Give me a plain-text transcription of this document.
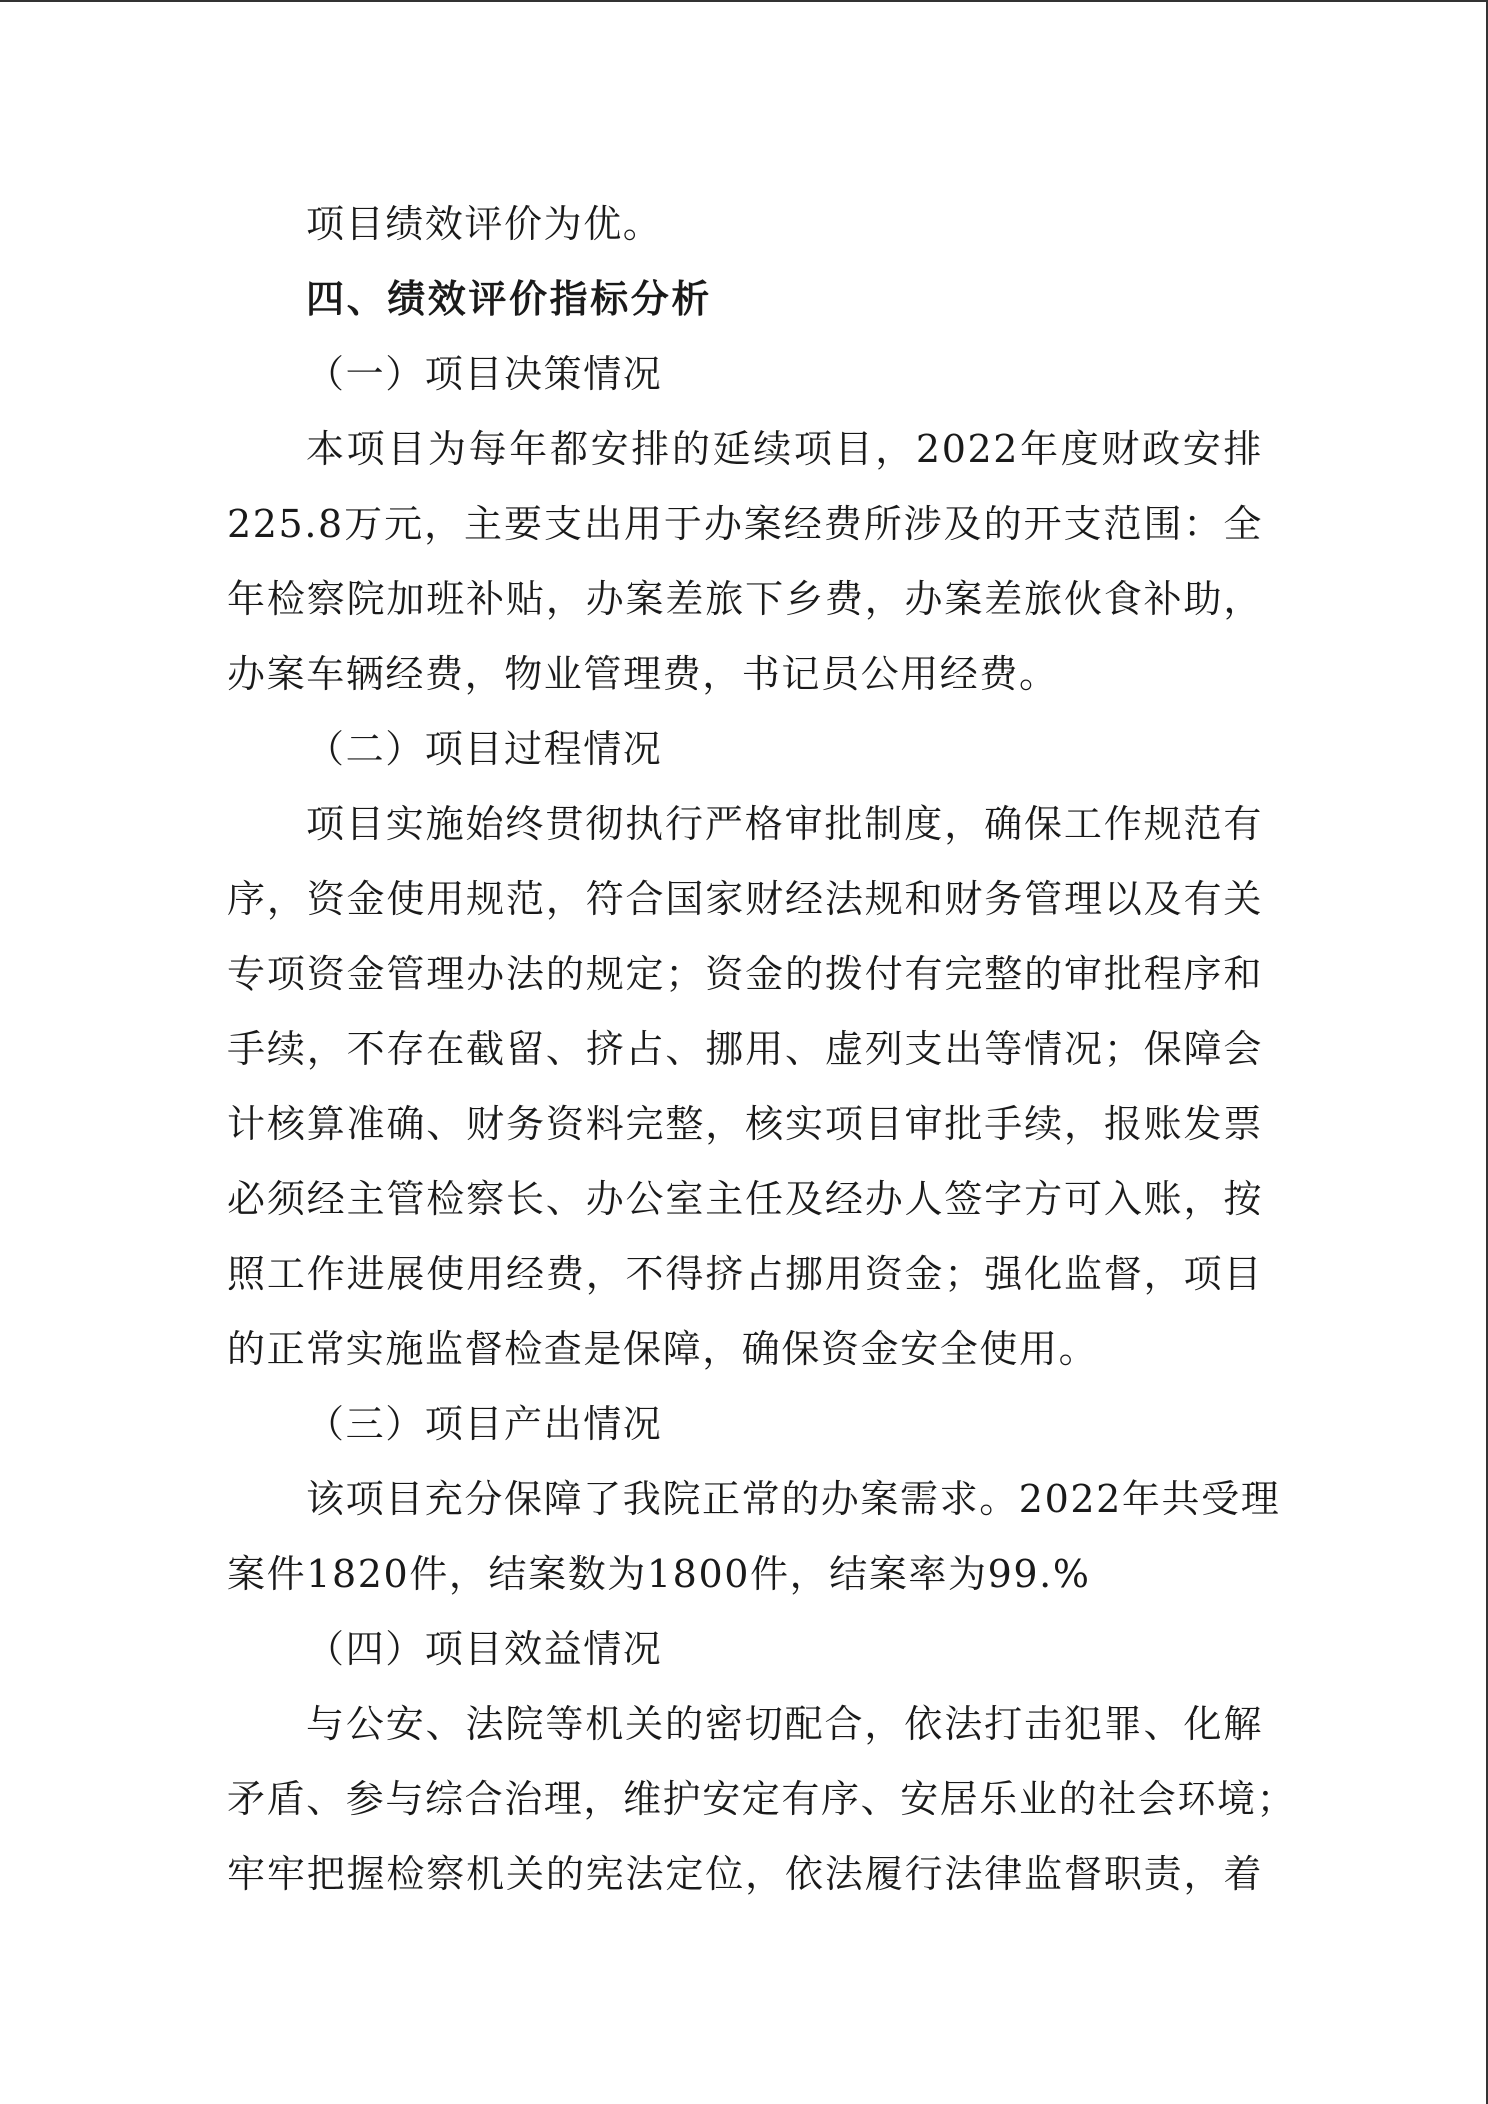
项目绩效评价为优。
四、绩效评价指标分析
（一）项目决策情况
本项目为每年都安排的延续项目，2022年度财政安排
225.8万元，主要支出用于办案经费所涉及的开支范围：全
年检察院加班补贴，办案差旅下乡费，办案差旅伙食补助，
办案车辆经费，物业管理费，书记员公用经费。
（二）项目过程情况
项目实施始终贯彻执行严格审批制度，确保工作规范有
序，资金使用规范，符合国家财经法规和财务管理以及有关
专项资金管理办法的规定；资金的拨付有完整的审批程序和
手续，不存在截留、挤占、挪用、虚列支出等情况；保障会
计核算准确、财务资料完整，核实项目审批手续，报账发票
必须经主管检察长、办公室主任及经办人签字方可入账，按
照工作进展使用经费，不得挤占挪用资金；强化监督，项目
的正常实施监督检查是保障，确保资金安全使用。
（三）项目产出情况
该项目充分保障了我院正常的办案需求。2022年共受理
案件1820件，结案数为1800件，结案率为99.%
（四）项目效益情况
与公安、法院等机关的密切配合，依法打击犯罪、化解
矛盾、参与综合治理，维护安定有序、安居乐业的社会环境；
牢牢把握检察机关的宪法定位，依法履行法律监督职责，着
